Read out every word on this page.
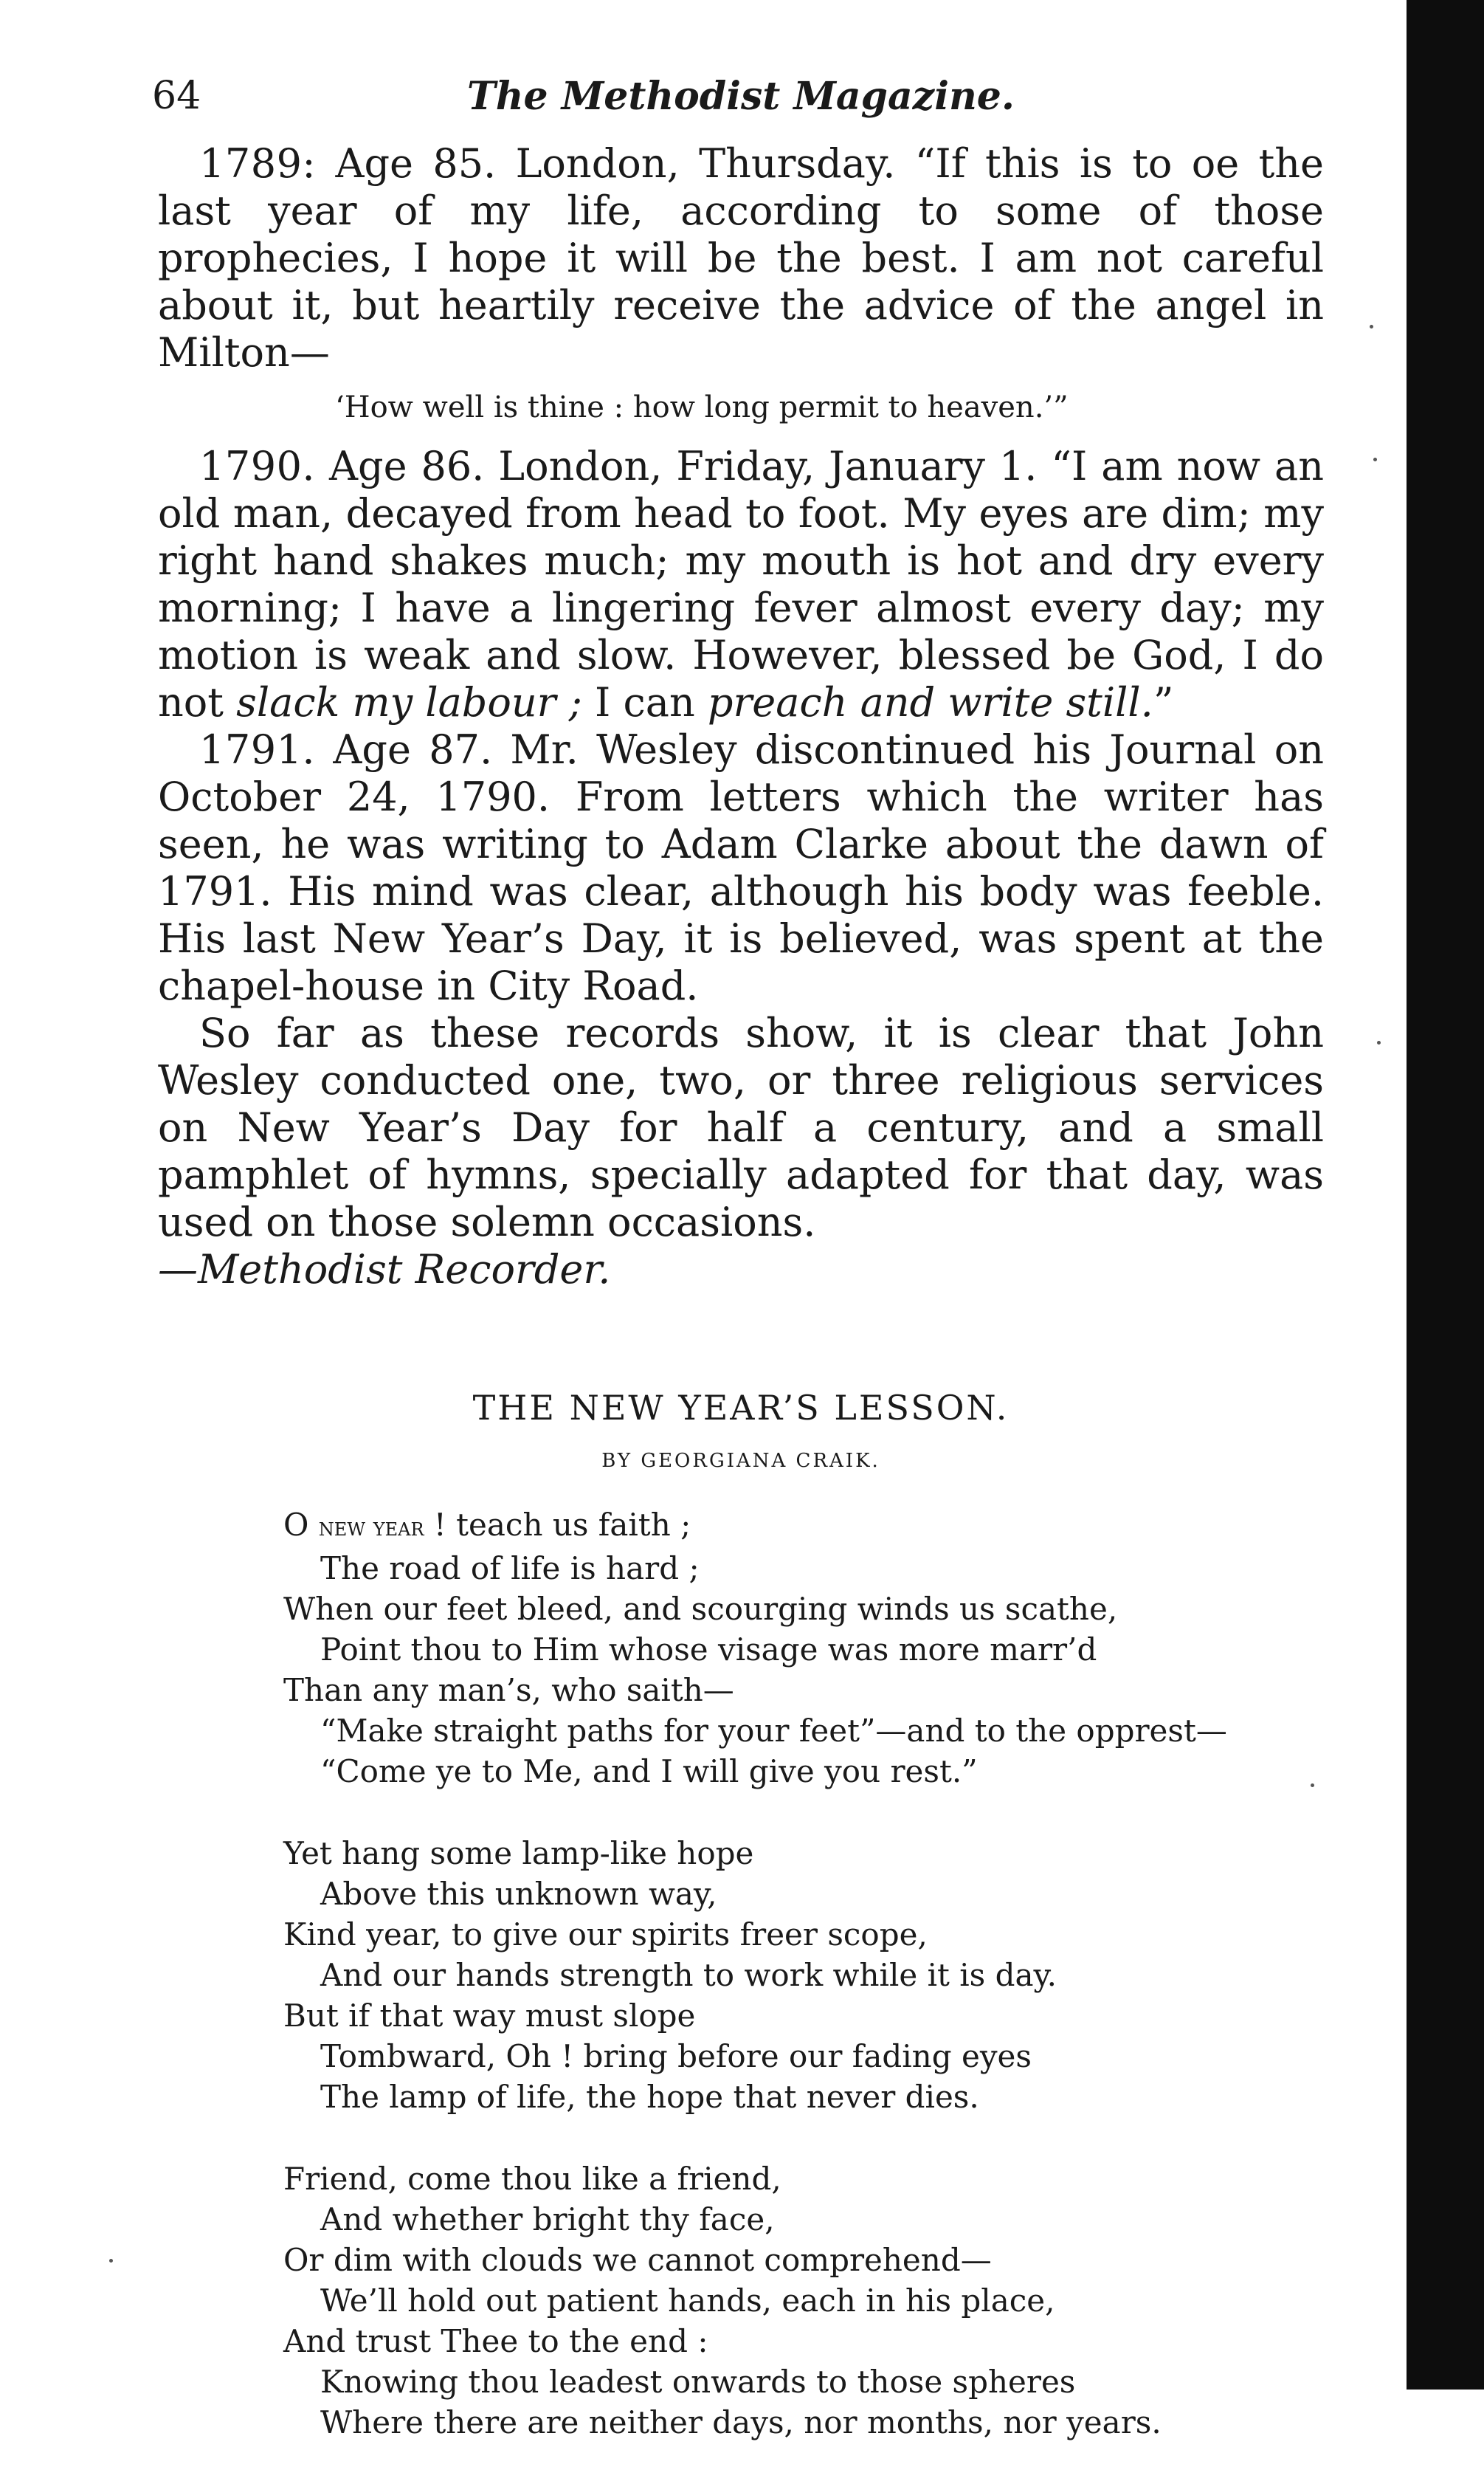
64	The Methodist Magazine.

1789: Age 85. London, Thursday. “If this is to oe the last year of my life, according to some of those prophecies, I hope it will be the best. I am not careful about it, but heartily receive the advice of the angel in Milton—

‘How well is thine : how long permit to heaven.’”

1790. Age 86. London, Friday, January 1. “I am now an old man, decayed from head to foot. My eyes are dim; my right hand shakes much; my mouth is hot and dry every morning; I have a lingering fever almost every day; my motion is weak and slow. However, blessed be God, I do not slack my labour ; I can preach and write still.”

1791. Age 87. Mr. Wesley discontinued his Journal on October 24, 1790. From letters which the writer has seen, he was writing to Adam Clarke about the dawn of 1791. His mind was clear, although his body was feeble. His last New Year’s Day, it is believed, was spent at the chapel-house in City Road.

So far as these records show, it is clear that John Wesley conducted one, two, or three religious services on New Year’s Day for half a century, and a small pamphlet of hymns, specially adapted for that day, was used on those solemn occasions.

—Methodist Recorder.

THE NEW YEAR’S LESSON.
BY GEORGIANA CRAIK.
O new year ! teach us faith ;
The road of life is hard ;
When our feet bleed, and scourging winds us scathe,
Point thou to Him whose visage was more marr’d
Than any man’s, who saith—
“Make straight paths for your feet”—and to the opprest—
“Come ye to Me, and I will give you rest.”
Yet hang some lamp-like hope
Above this unknown way,
Kind year, to give our spirits freer scope,
And our hands strength to work while it is day.
But if that way must slope
Tombward, Oh ! bring before our fading eyes
The lamp of life, the hope that never dies.
Friend, come thou like a friend,
And whether bright thy face,
Or dim with clouds we cannot comprehend—
We’ll hold out patient hands, each in his place,
And trust Thee to the end :
Knowing thou leadest onwards to those spheres
Where there are neither days, nor months, nor years.
